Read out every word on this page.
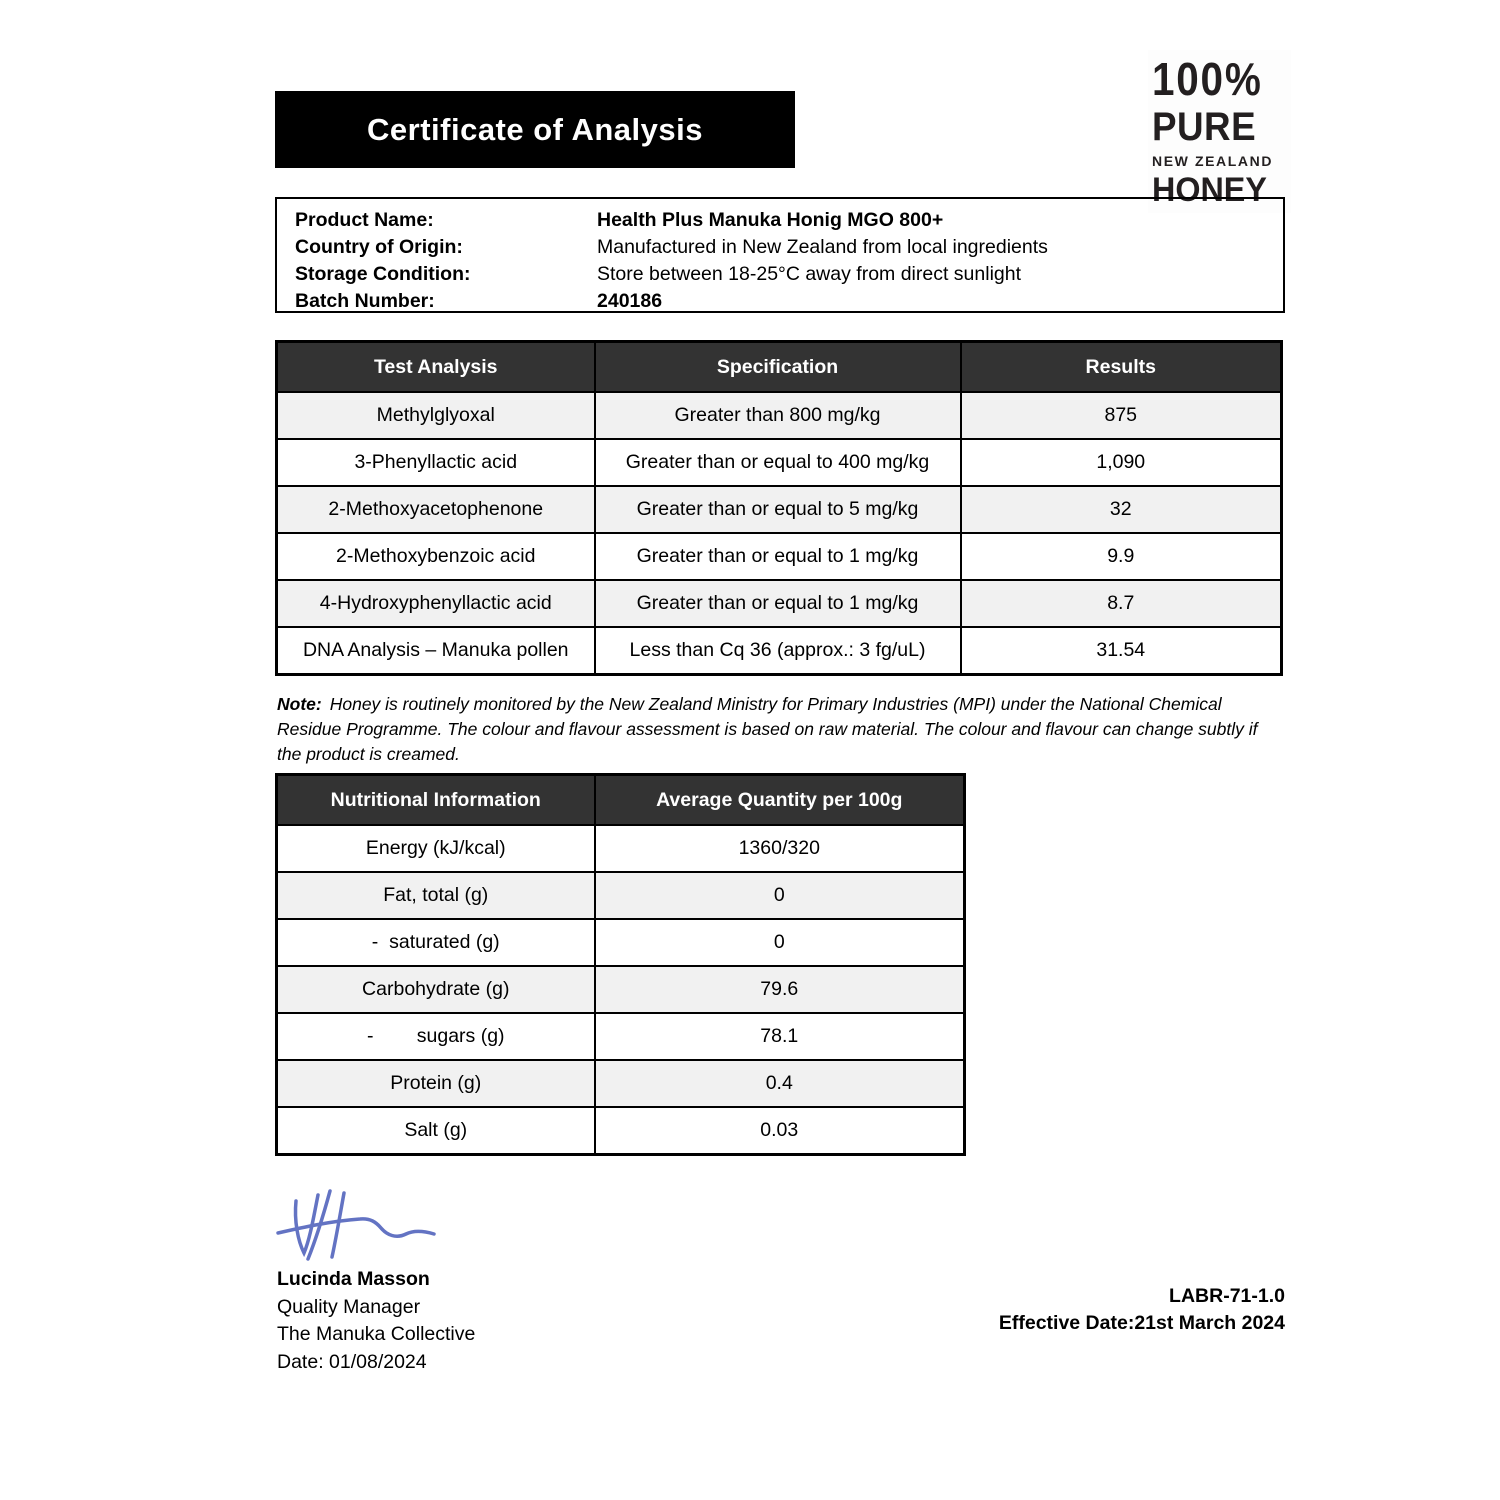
Certificate of Analysis
100%
PURE
NEW ZEALAND
HONEY
Product Name:	Health Plus Manuka Honig MGO 800+
Country of Origin:	Manufactured in New Zealand from local ingredients
Storage Condition:	Store between 18-25°C away from direct sunlight
Batch Number:	240186
Test Analysis	Specification	Results
Methylglyoxal	Greater than 800 mg/kg	875
3-Phenyllactic acid	Greater than or equal to 400 mg/kg	1,090
2-Methoxyacetophenone	Greater than or equal to 5 mg/kg	32
2-Methoxybenzoic acid	Greater than or equal to 1 mg/kg	9.9
4-Hydroxyphenyllactic acid	Greater than or equal to 1 mg/kg	8.7
DNA Analysis – Manuka pollen	Less than Cq 36 (approx.: 3 fg/uL)	31.54
Note: Honey is routinely monitored by the New Zealand Ministry for Primary Industries (MPI) under the National Chemical Residue Programme. The colour and flavour assessment is based on raw material. The colour and flavour can change subtly if the product is creamed.
Nutritional Information	Average Quantity per 100g
Energy (kJ/kcal)	1360/320
Fat, total (g)	0
-  saturated (g)	0
Carbohydrate (g)	79.6
-        sugars (g)	78.1
Protein (g)	0.4
Salt (g)	0.03
Lucinda Masson
Quality Manager
The Manuka Collective
Date: 01/08/2024
LABR-71-1.0
Effective Date:21st March 2024
